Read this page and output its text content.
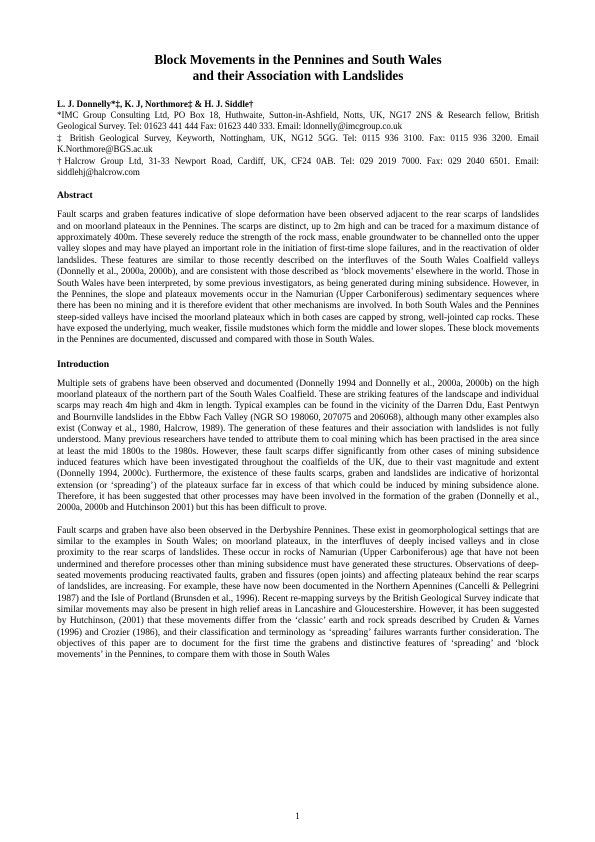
Block Movements in the Pennines and South Wales
and their Association with Landslides

L. J. Donnelly*‡, K. J, Northmore‡ & H. J. Siddle†

*IMC Group Consulting Ltd, PO Box 18, Huthwaite, Sutton-in-Ashfield, Notts, UK, NG17 2NS & Research fellow, British Geological Survey. Tel: 01623 441 444 Fax: 01623 440 333. Email: ldonnelly@imcgroup.co.uk

‡ British Geological Survey, Keyworth, Nottingham, UK, NG12 5GG. Tel: 0115 936 3100. Fax: 0115 936 3200. Email K.Northmore@BGS.ac.uk

†Halcrow Group Ltd, 31-33 Newport Road, Cardiff, UK, CF24 0AB. Tel: 029 2019 7000. Fax: 029 2040 6501. Email: siddlehj@halcrow.com

Abstract

Fault scarps and graben features indicative of slope deformation have been observed adjacent to the rear scarps of landslides and on moorland plateaux in the Pennines. The scarps are distinct, up to 2m high and can be traced for a maximum distance of approximately 400m. These severely reduce the strength of the rock mass, enable groundwater to be channelled onto the upper valley slopes and may have played an important role in the initiation of first-time slope failures, and in the reactivation of older landslides. These features are similar to those recently described on the interfluves of the South Wales Coalfield valleys (Donnelly et al., 2000a, 2000b), and are consistent with those described as ‘block movements’ elsewhere in the world. Those in South Wales have been interpreted, by some previous investigators, as being generated during mining subsidence. However, in the Pennines, the slope and plateaux movements occur in the Namurian (Upper Carboniferous) sedimentary sequences where there has been no mining and it is therefore evident that other mechanisms are involved. In both South Wales and the Pennines steep-sided valleys have incised the moorland plateaux which in both cases are capped by strong, well-jointed cap rocks. These have exposed the underlying, much weaker, fissile mudstones which form the middle and lower slopes. These block movements in the Pennines are documented, discussed and compared with those in South Wales.

Introduction

Multiple sets of grabens have been observed and documented (Donnelly 1994 and Donnelly et al., 2000a, 2000b) on the high moorland plateaux of the northern part of the South Wales Coalfield. These are striking features of the landscape and individual scarps may reach 4m high and 4km in length. Typical examples can be found in the vicinity of the Darren Ddu, East Pentwyn and Bournville landslides in the Ebbw Fach Valley (NGR SO 198060, 207075 and 206068), although many other examples also exist (Conway et al., 1980, Halcrow, 1989). The generation of these features and their association with landslides is not fully understood. Many previous researchers have tended to attribute them to coal mining which has been practised in the area since at least the mid 1800s to the 1980s. However, these fault scarps differ significantly from other cases of mining subsidence induced features which have been investigated throughout the coalfields of the UK, due to their vast magnitude and extent (Donnelly 1994, 2000c). Furthermore, the existence of these faults scarps, graben and landslides are indicative of horizontal extension (or ‘spreading’) of the plateaux surface far in excess of that which could be induced by mining subsidence alone. Therefore, it has been suggested that other processes may have been involved in the formation of the graben (Donnelly et al., 2000a, 2000b and Hutchinson 2001) but this has been difficult to prove.

Fault scarps and graben have also been observed in the Derbyshire Pennines. These exist in geomorphological settings that are similar to the examples in South Wales; on moorland plateaux, in the interfluves of deeply incised valleys and in close proximity to the rear scarps of landslides. These occur in rocks of Namurian (Upper Carboniferous) age that have not been undermined and therefore processes other than mining subsidence must have generated these structures. Observations of deep-seated movements producing reactivated faults, graben and fissures (open joints) and affecting plateaux behind the rear scarps of landslides, are increasing. For example, these have now been documented in the Northern Apennines (Cancelli & Pellegrini 1987) and the Isle of Portland (Brunsden et al., 1996). Recent re-mapping surveys by the British Geological Survey indicate that similar movements may also be present in high relief areas in Lancashire and Gloucestershire. However, it has been suggested by Hutchinson, (2001) that these movements differ from the ‘classic’ earth and rock spreads described by Cruden & Varnes (1996) and Crozier (1986), and their classification and terminology as ‘spreading’ failures warrants further consideration. The objectives of this paper are to document for the first time the grabens and distinctive features of ‘spreading’ and ‘block movements’ in the Pennines, to compare them with those in South Wales

1
